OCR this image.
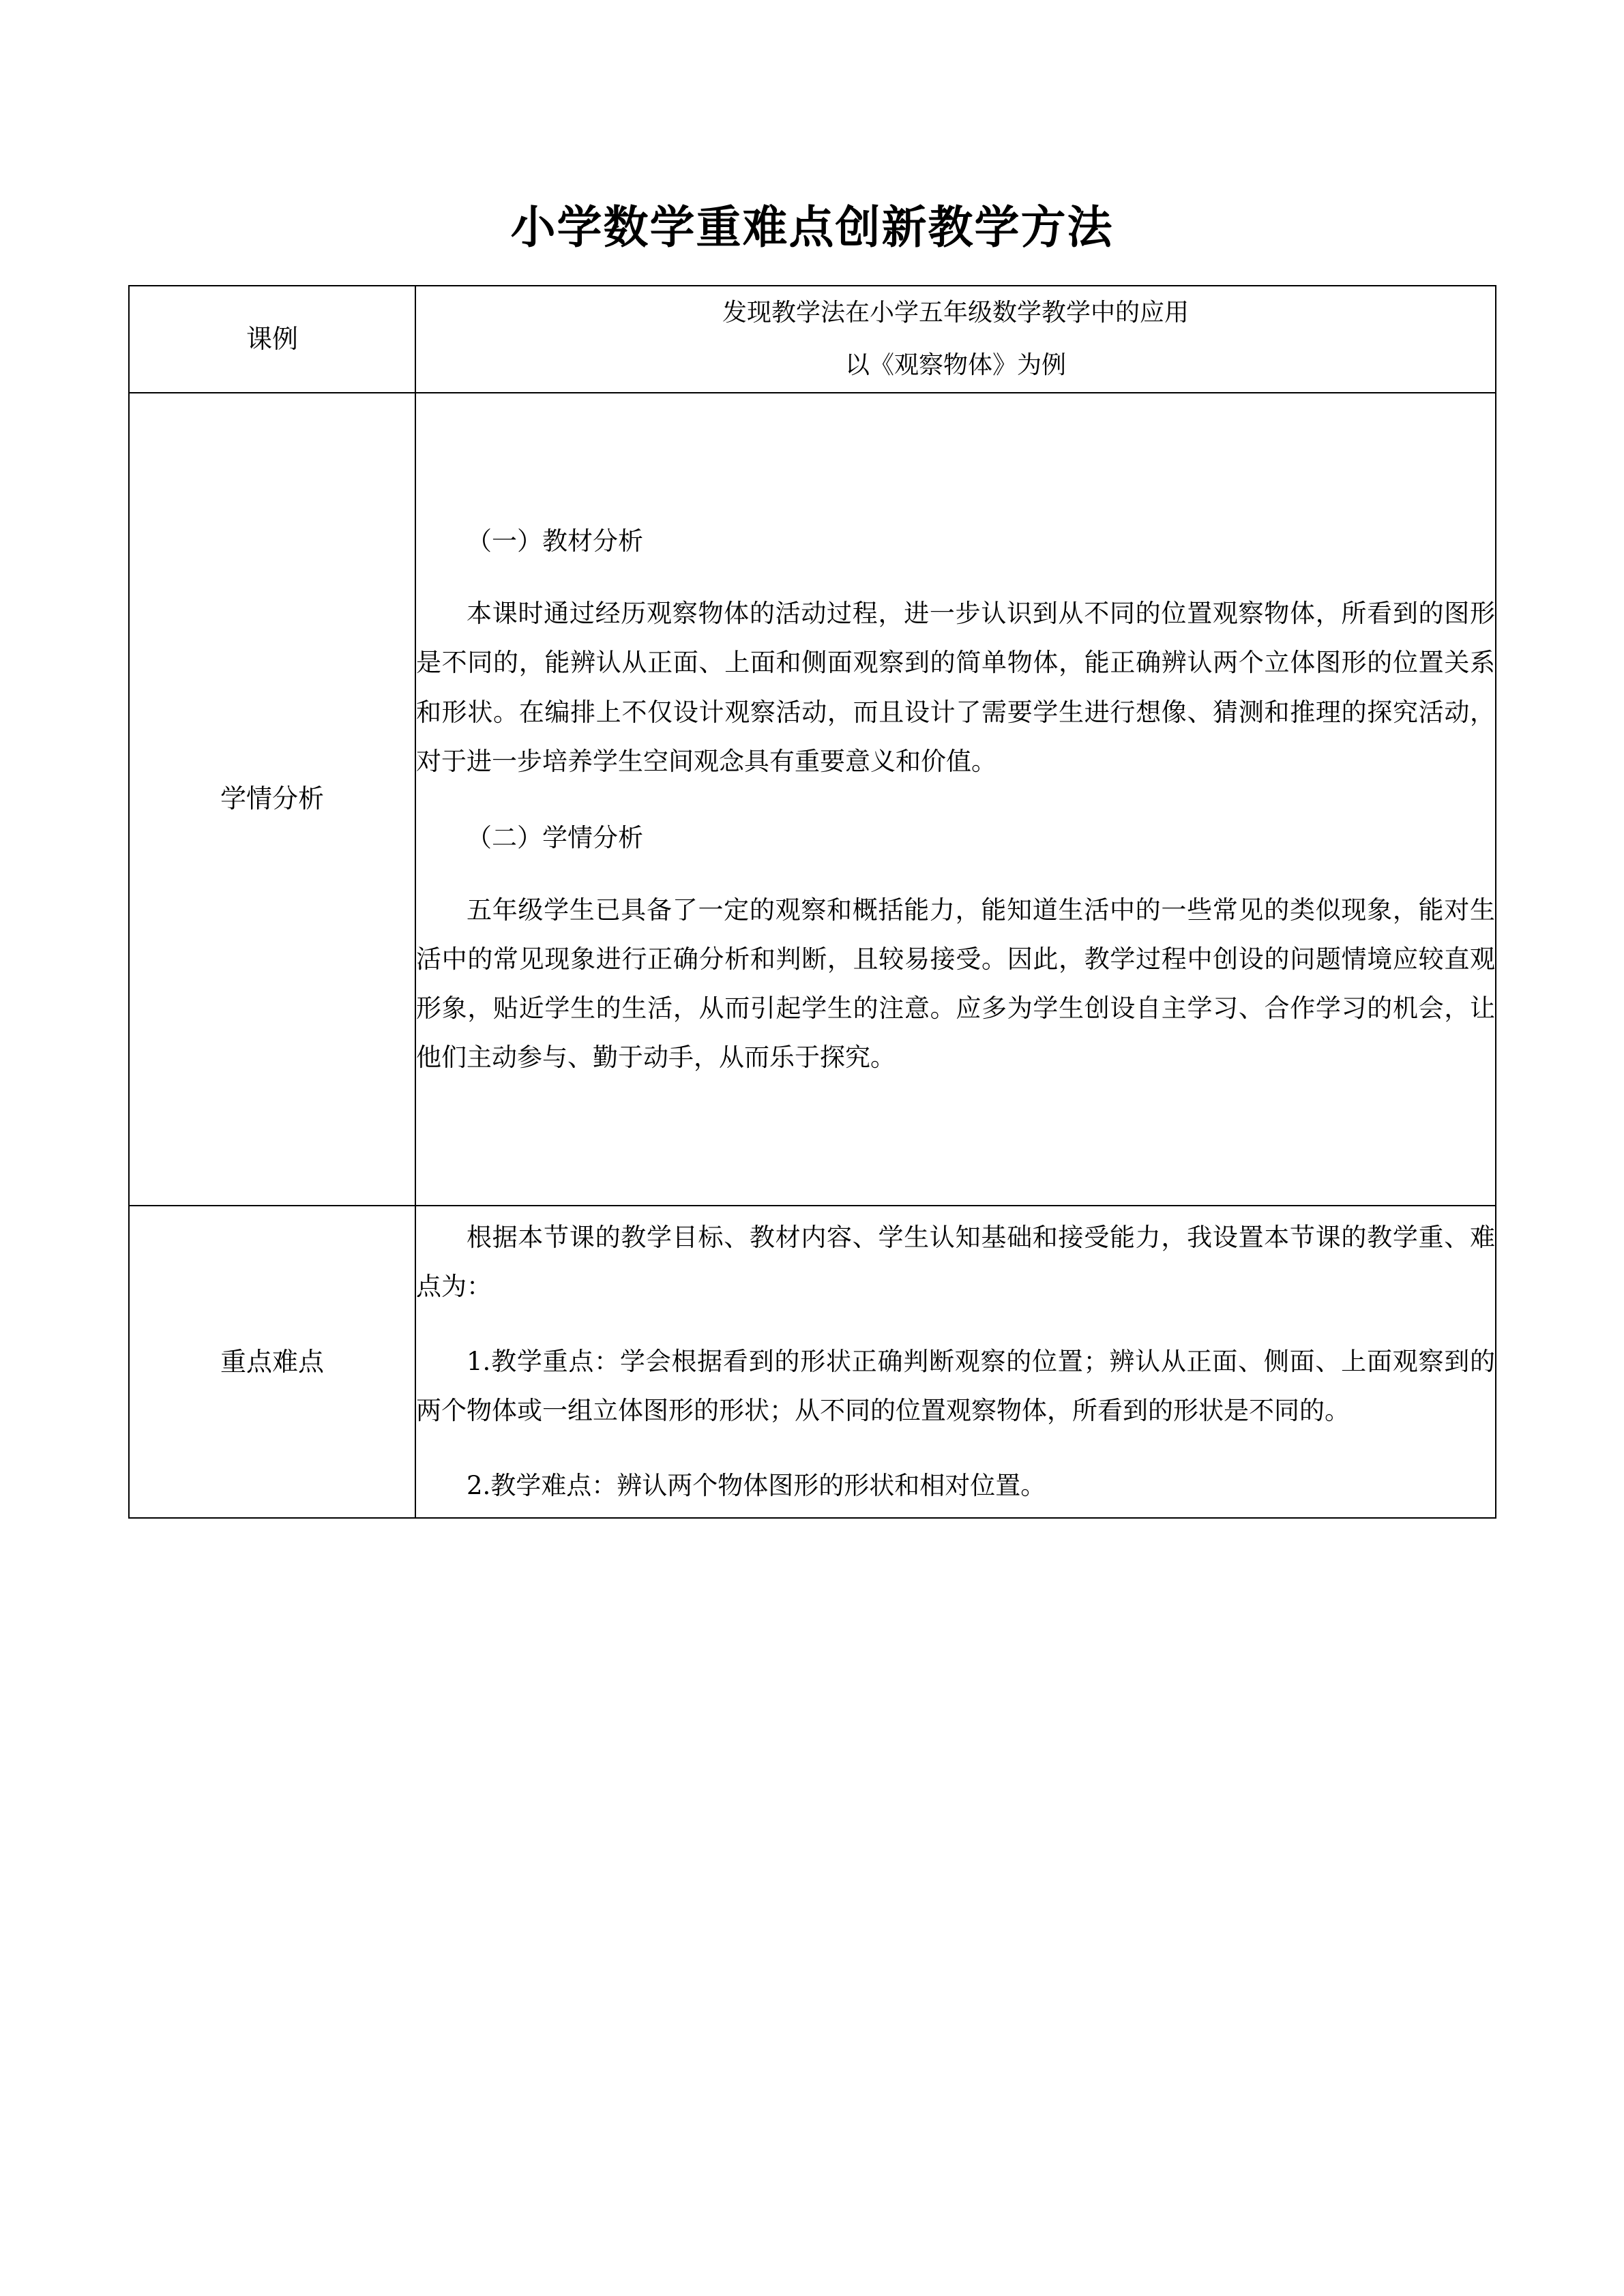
小学数学重难点创新教学方法
课例	发现教学法在小学五年级数学教学中的应用
以《观察物体》为例

学情分析	（一）教材分析

本课时通过经历观察物体的活动过程，进一步认识到从不同的位置观察物体，所看到的图形是不同的，能辨认从正面、上面和侧面观察到的简单物体，能正确辨认两个立体图形的位置关系和形状。在编排上不仅设计观察活动，而且设计了需要学生进行想像、猜测和推理的探究活动，对于进一步培养学生空间观念具有重要意义和价值。

（二）学情分析

五年级学生已具备了一定的观察和概括能力，能知道生活中的一些常见的类似现象，能对生活中的常见现象进行正确分析和判断，且较易接受。因此，教学过程中创设的问题情境应较直观形象，贴近学生的生活，从而引起学生的注意。应多为学生创设自主学习、合作学习的机会，让他们主动参与、勤于动手，从而乐于探究。

重点难点	根据本节课的教学目标、教材内容、学生认知基础和接受能力，我设置本节课的教学重、难点为：

1.教学重点：学会根据看到的形状正确判断观察的位置；辨认从正面、侧面、上面观察到的两个物体或一组立体图形的形状；从不同的位置观察物体，所看到的形状是不同的。

2.教学难点：辨认两个物体图形的形状和相对位置。
